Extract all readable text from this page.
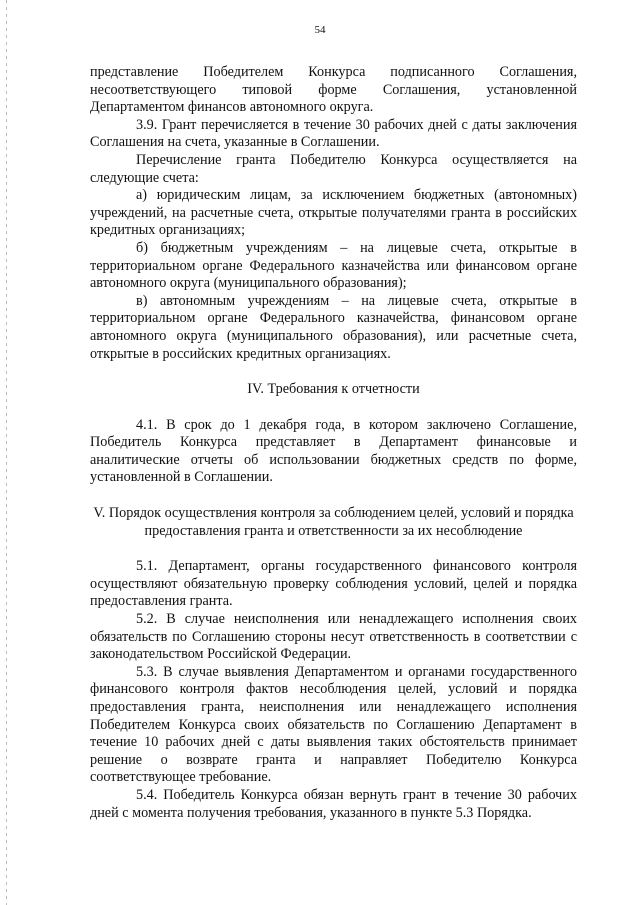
54

представление Победителем Конкурса подписанного Соглашения, несоответствующего типовой форме Соглашения, установленной Департаментом финансов автономного округа.

3.9. Грант перечисляется в течение 30 рабочих дней с даты заключения Соглашения на счета, указанные в Соглашении.

Перечисление гранта Победителю Конкурса осуществляется на следующие счета:

а) юридическим лицам, за исключением бюджетных (автономных) учреждений, на расчетные счета, открытые получателями гранта в российских кредитных организациях;

б) бюджетным учреждениям – на лицевые счета, открытые в территориальном органе Федерального казначейства или финансовом органе автономного округа (муниципального образования);

в) автономным учреждениям – на лицевые счета, открытые в территориальном органе Федерального казначейства, финансовом органе автономного округа (муниципального образования), или расчетные счета, открытые в российских кредитных организациях.

IV. Требования к отчетности

4.1. В срок до 1 декабря года, в котором заключено Соглашение, Победитель Конкурса представляет в Департамент финансовые и аналитические отчеты об использовании бюджетных средств по форме, установленной в Соглашении.

V. Порядок осуществления контроля за соблюдением целей, условий и порядка предоставления гранта и ответственности за их несоблюдение

5.1. Департамент, органы государственного финансового контроля осуществляют обязательную проверку соблюдения условий, целей и порядка предоставления гранта.

5.2. В случае неисполнения или ненадлежащего исполнения своих обязательств по Соглашению стороны несут ответственность в соответствии с законодательством Российской Федерации.

5.3. В случае выявления Департаментом и органами государственного финансового контроля фактов несоблюдения целей, условий и порядка предоставления гранта, неисполнения или ненадлежащего исполнения Победителем Конкурса своих обязательств по Соглашению Департамент в течение 10 рабочих дней с даты выявления таких обстоятельств принимает решение о возврате гранта и направляет Победителю Конкурса соответствующее требование.

5.4. Победитель Конкурса обязан вернуть грант в течение 30 рабочих дней с момента получения требования, указанного в пункте 5.3 Порядка.
